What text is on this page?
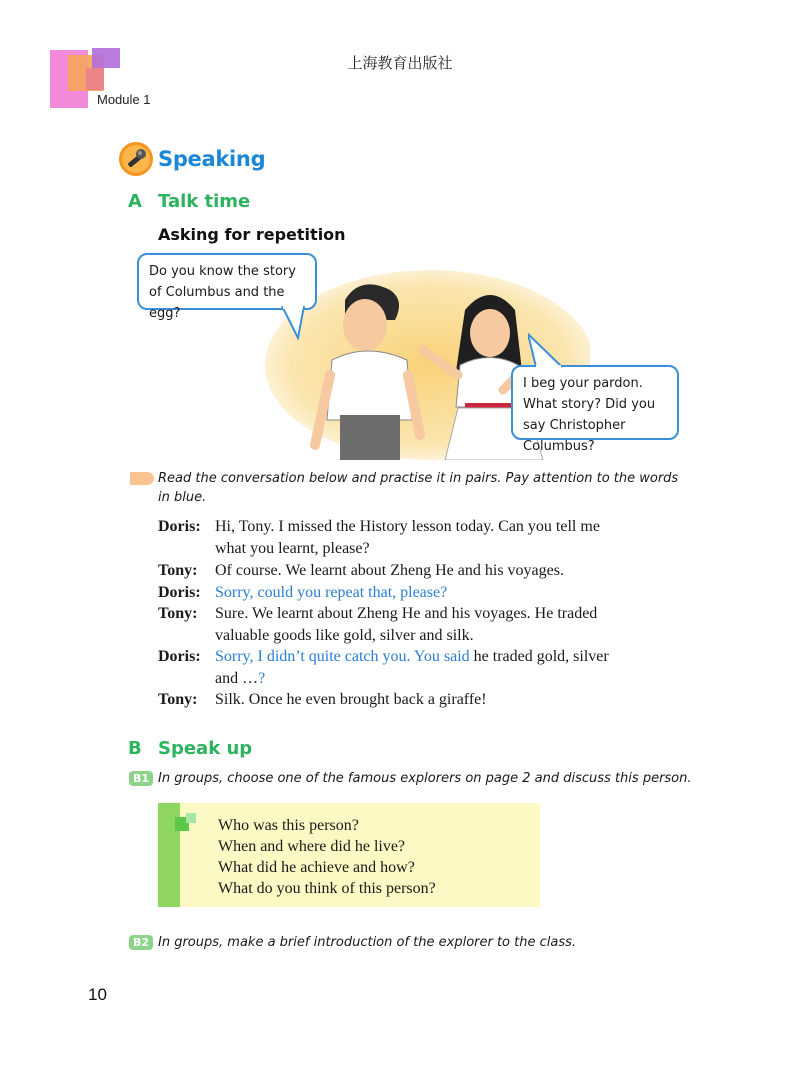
上海教育出版社
Module 1
Speaking
A Talk time
Asking for repetition
Do you know the story of Columbus and the egg?
I beg your pardon. What story? Did you say Christopher Columbus?
Read the conversation below and practise it in pairs. Pay attention to the words in blue.
Doris: Hi, Tony. I missed the History lesson today. Can you tell me
what you learnt, please?
Tony: Of course. We learnt about Zheng He and his voyages.
Doris: Sorry, could you repeat that, please?
Tony: Sure. We learnt about Zheng He and his voyages. He traded
valuable goods like gold, silver and silk.
Doris: Sorry, I didn’t quite catch you. You said he traded gold, silver
and …?
Tony: Silk. Once he even brought back a giraffe!
B Speak up
B1 In groups, choose one of the famous explorers on page 2 and discuss this person.
Who was this person?
When and where did he live?
What did he achieve and how?
What do you think of this person?
B2 In groups, make a brief introduction of the explorer to the class.
10
